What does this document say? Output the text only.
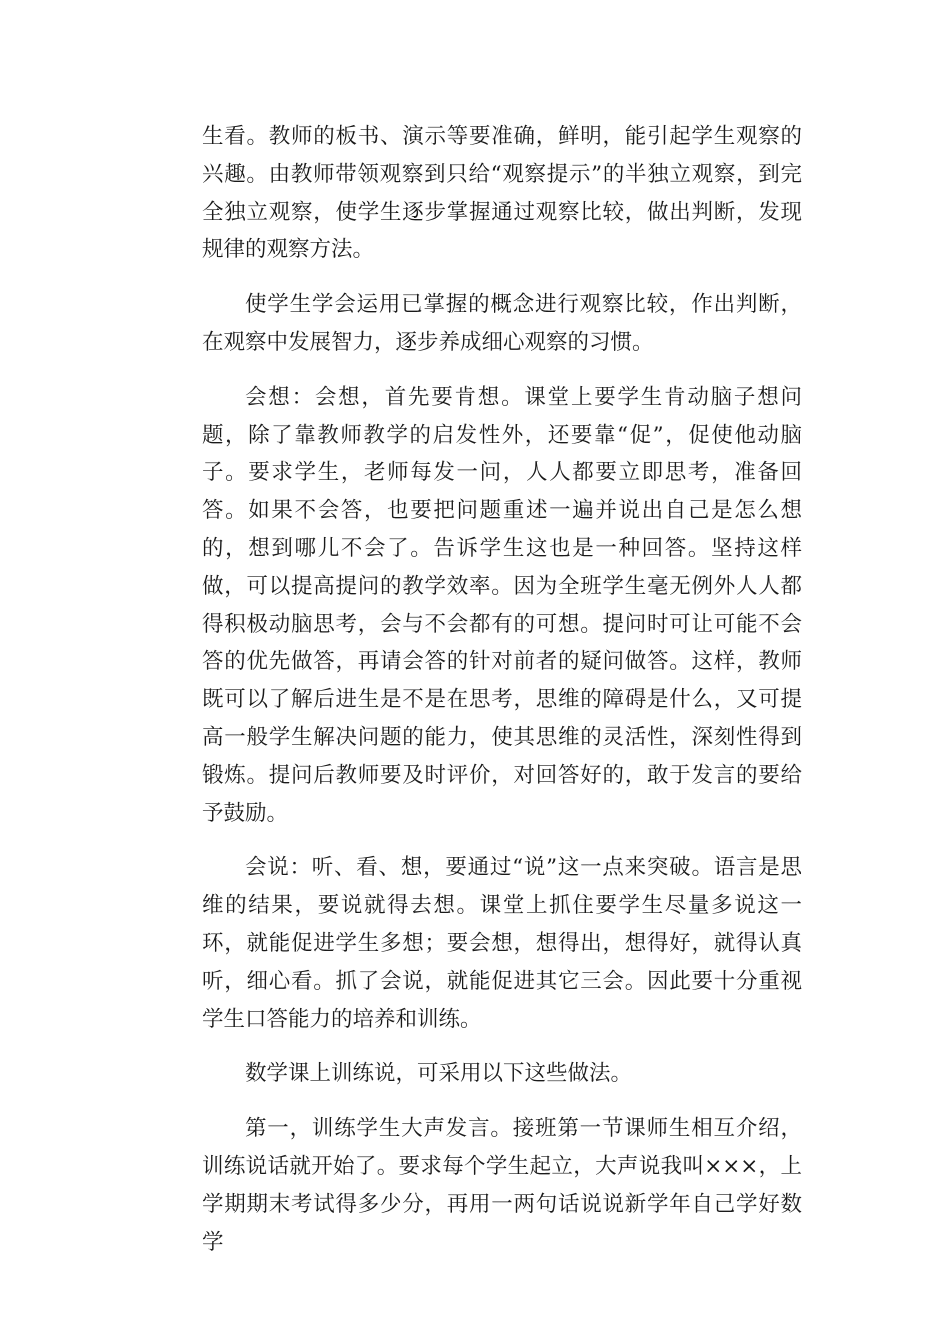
生看。教师的板书、演示等要准确，鲜明，能引起学生观察的兴趣。由教师带领观察到只给“观察提示”的半独立观察，到完全独立观察，使学生逐步掌握通过观察比较，做出判断，发现规律的观察方法。

使学生学会运用已掌握的概念进行观察比较，作出判断，在观察中发展智力，逐步养成细心观察的习惯。

会想：会想，首先要肯想。课堂上要学生肯动脑子想问题，除了靠教师教学的启发性外，还要靠“促”，促使他动脑子。要求学生，老师每发一问，人人都要立即思考，准备回答。如果不会答，也要把问题重述一遍并说出自己是怎么想的，想到哪儿不会了。告诉学生这也是一种回答。坚持这样做，可以提高提问的教学效率。因为全班学生毫无例外人人都得积极动脑思考，会与不会都有的可想。提问时可让可能不会答的优先做答，再请会答的针对前者的疑问做答。这样，教师既可以了解后进生是不是在思考，思维的障碍是什么，又可提高一般学生解决问题的能力，使其思维的灵活性，深刻性得到锻炼。提问后教师要及时评价，对回答好的，敢于发言的要给予鼓励。

会说：听、看、想，要通过“说”这一点来突破。语言是思维的结果，要说就得去想。课堂上抓住要学生尽量多说这一环，就能促进学生多想；要会想，想得出，想得好，就得认真听，细心看。抓了会说，就能促进其它三会。因此要十分重视学生口答能力的培养和训练。

数学课上训练说，可采用以下这些做法。

第一，训练学生大声发言。接班第一节课师生相互介绍，训练说话就开始了。要求每个学生起立，大声说我叫×××，上学期期末考试得多少分，再用一两句话说说新学年自己学好数学
